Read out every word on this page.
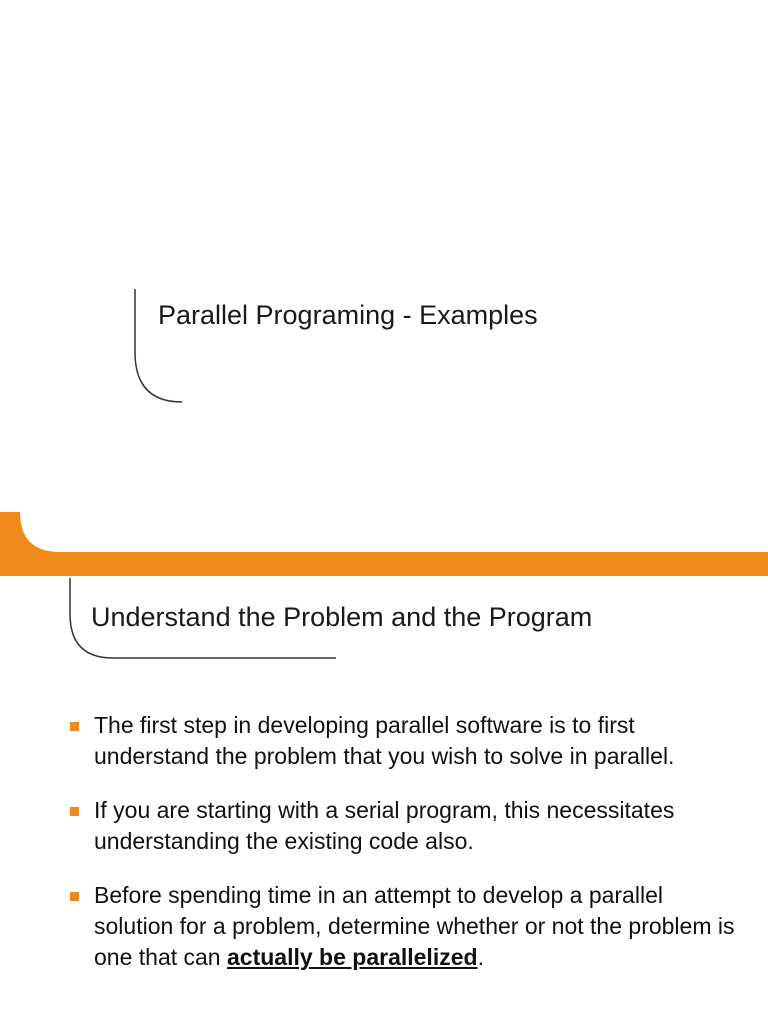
Parallel Programing - Examples
Understand the Problem and the Program
The first step in developing parallel software is to first understand the problem that you wish to solve in parallel.
If you are starting with a serial program, this necessitates understanding the existing code also.
Before spending time in an attempt to develop a parallel solution for a problem, determine whether or not the problem is one that can actually be parallelized.
